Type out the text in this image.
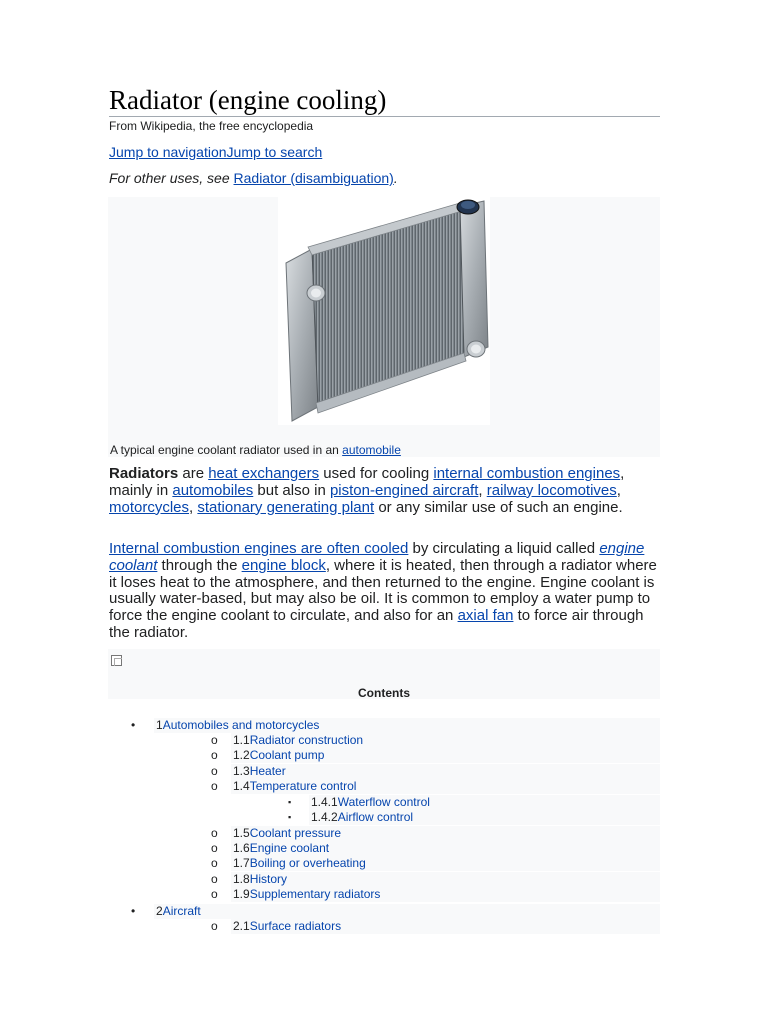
Radiator (engine cooling)
From Wikipedia, the free encyclopedia
Jump to navigationJump to search
For other uses, see Radiator (disambiguation).
A typical engine coolant radiator used in an automobile
Radiators are heat exchangers used for cooling internal combustion engines, mainly in automobiles but also in piston-engined aircraft, railway locomotives, motorcycles, stationary generating plant or any similar use of such an engine.
Internal combustion engines are often cooled by circulating a liquid called engine coolant through the engine block, where it is heated, then through a radiator where it loses heat to the atmosphere, and then returned to the engine. Engine coolant is usually water-based, but may also be oil. It is common to employ a water pump to force the engine coolant to circulate, and also for an axial fan to force air through the radiator.
Contents
• 1Automobiles and motorcycles
o 1.1Radiator construction
o 1.2Coolant pump
o 1.3Heater
o 1.4Temperature control
▪ 1.4.1Waterflow control
▪ 1.4.2Airflow control
o 1.5Coolant pressure
o 1.6Engine coolant
o 1.7Boiling or overheating
o 1.8History
o 1.9Supplementary radiators
• 2Aircraft
o 2.1Surface radiators
